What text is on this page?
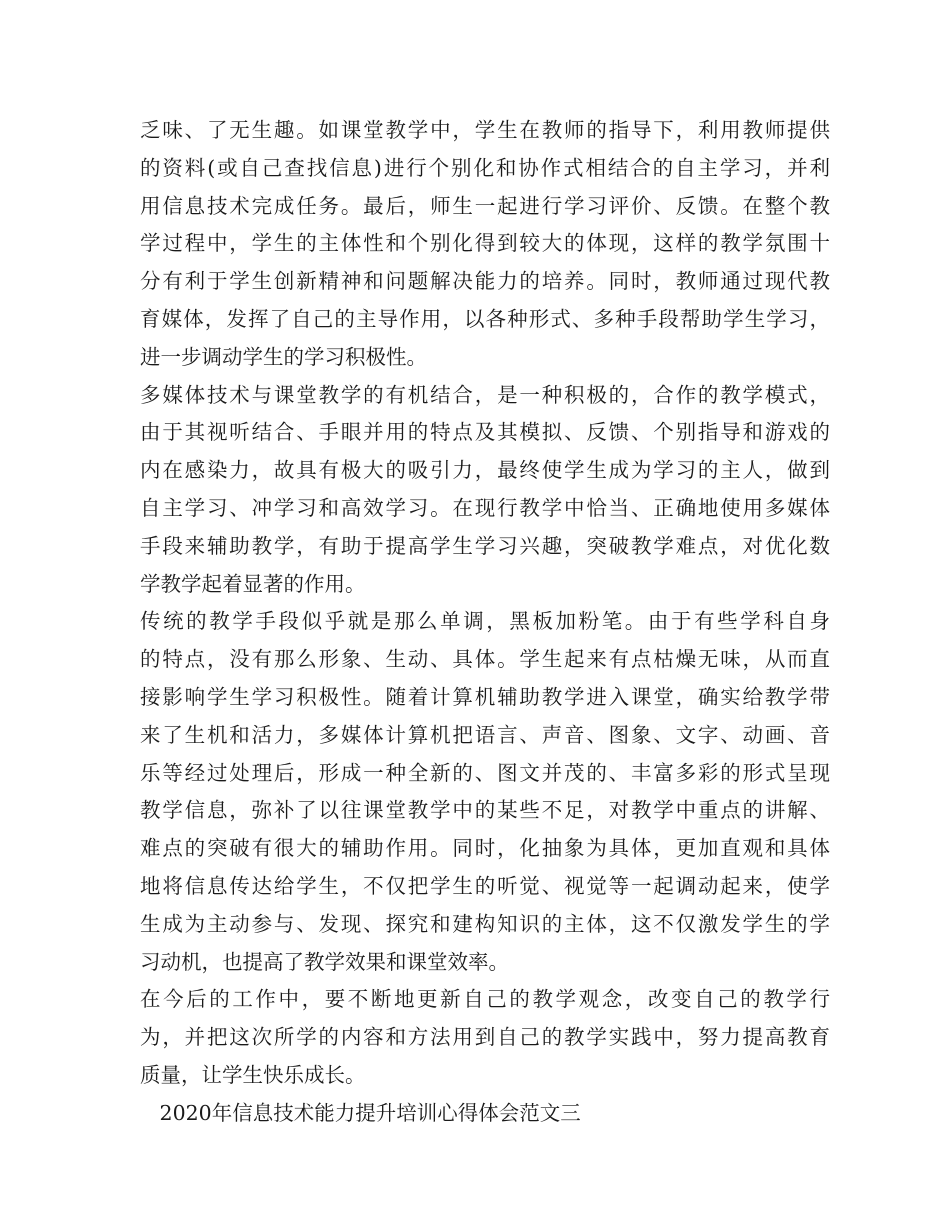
乏味、了无生趣。如课堂教学中，学生在教师的指导下，利用教师提供
的资料(或自己查找信息)进行个别化和协作式相结合的自主学习，并利
用信息技术完成任务。最后，师生一起进行学习评价、反馈。在整个教
学过程中，学生的主体性和个别化得到较大的体现，这样的教学氛围十
分有利于学生创新精神和问题解决能力的培养。同时，教师通过现代教
育媒体，发挥了自己的主导作用，以各种形式、多种手段帮助学生学习，
进一步调动学生的学习积极性。
多媒体技术与课堂教学的有机结合，是一种积极的，合作的教学模式，
由于其视听结合、手眼并用的特点及其模拟、反馈、个别指导和游戏的
内在感染力，故具有极大的吸引力，最终使学生成为学习的主人，做到
自主学习、冲学习和高效学习。在现行教学中恰当、正确地使用多媒体
手段来辅助教学，有助于提高学生学习兴趣，突破教学难点，对优化数
学教学起着显著的作用。
传统的教学手段似乎就是那么单调，黑板加粉笔。由于有些学科自身
的特点，没有那么形象、生动、具体。学生起来有点枯燥无味，从而直
接影响学生学习积极性。随着计算机辅助教学进入课堂，确实给教学带
来了生机和活力，多媒体计算机把语言、声音、图象、文字、动画、音
乐等经过处理后，形成一种全新的、图文并茂的、丰富多彩的形式呈现
教学信息，弥补了以往课堂教学中的某些不足，对教学中重点的讲解、
难点的突破有很大的辅助作用。同时，化抽象为具体，更加直观和具体
地将信息传达给学生，不仅把学生的听觉、视觉等一起调动起来，使学
生成为主动参与、发现、探究和建构知识的主体，这不仅激发学生的学
习动机，也提高了教学效果和课堂效率。
在今后的工作中，要不断地更新自己的教学观念，改变自己的教学行
为，并把这次所学的内容和方法用到自己的教学实践中，努力提高教育
质量，让学生快乐成长。
2020年信息技术能力提升培训心得体会范文三
